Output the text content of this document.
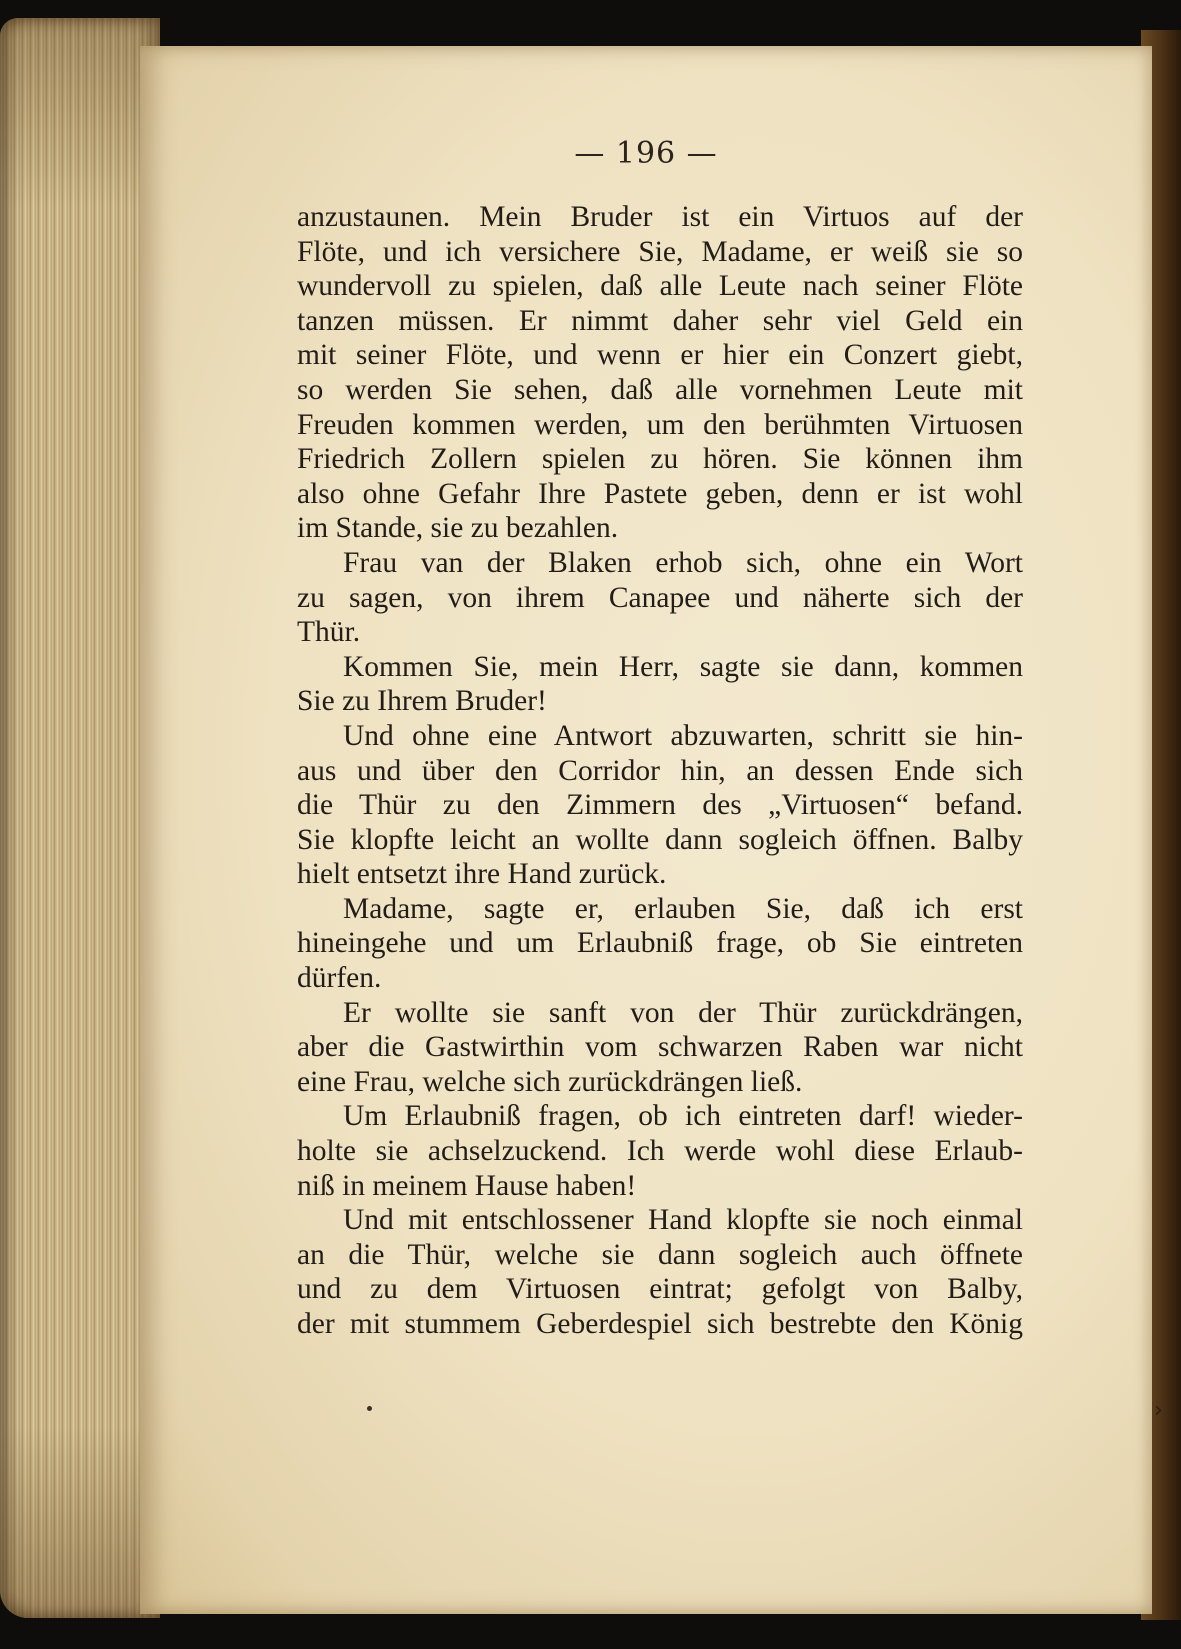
— 196 —
anzustaunen. Mein Bruder ist ein Virtuos auf der
Flöte, und ich versichere Sie, Madame, er weiß sie so
wundervoll zu spielen, daß alle Leute nach seiner Flöte
tanzen müssen. Er nimmt daher sehr viel Geld ein
mit seiner Flöte, und wenn er hier ein Conzert giebt,
so werden Sie sehen, daß alle vornehmen Leute mit
Freuden kommen werden, um den berühmten Virtuosen
Friedrich Zollern spielen zu hören. Sie können ihm
also ohne Gefahr Ihre Pastete geben, denn er ist wohl
im Stande, sie zu bezahlen.
Frau van der Blaken erhob sich, ohne ein Wort
zu sagen, von ihrem Canapee und näherte sich der
Thür.
Kommen Sie, mein Herr, sagte sie dann, kommen
Sie zu Ihrem Bruder!
Und ohne eine Antwort abzuwarten, schritt sie hin-
aus und über den Corridor hin, an dessen Ende sich
die Thür zu den Zimmern des „Virtuosen“ befand.
Sie klopfte leicht an wollte dann sogleich öffnen. Balby
hielt entsetzt ihre Hand zurück.
Madame, sagte er, erlauben Sie, daß ich erst
hineingehe und um Erlaubniß frage, ob Sie eintreten
dürfen.
Er wollte sie sanft von der Thür zurückdrängen,
aber die Gastwirthin vom schwarzen Raben war nicht
eine Frau, welche sich zurückdrängen ließ.
Um Erlaubniß fragen, ob ich eintreten darf! wieder-
holte sie achselzuckend. Ich werde wohl diese Erlaub-
niß in meinem Hause haben!
Und mit entschlossener Hand klopfte sie noch einmal
an die Thür, welche sie dann sogleich auch öffnete
und zu dem Virtuosen eintrat; gefolgt von Balby,
der mit stummem Geberdespiel sich bestrebte den König
›
